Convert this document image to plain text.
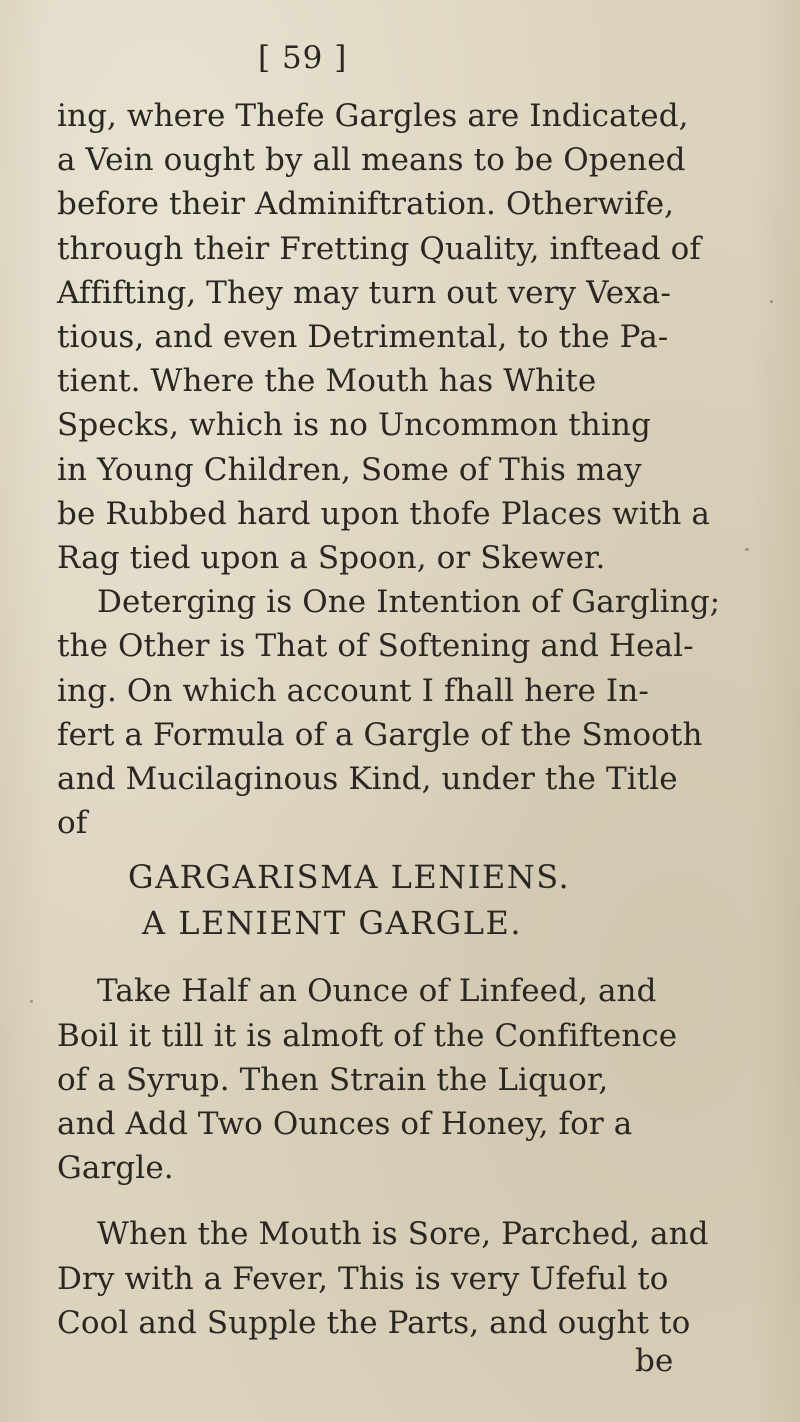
[ 59 ]
ing, where Thefe Gargles are Indicated,
a Vein ought by all means to be Opened
before their Adminiftration. Otherwife,
through their Fretting Quality, inftead of
Affifting, They may turn out very Vexa-
tious, and even Detrimental, to the Pa-
tient. Where the Mouth has White
Specks, which is no Uncommon thing
in Young Children, Some of This may
be Rubbed hard upon thofe Places with a
Rag tied upon a Spoon, or Skewer.
Deterging is One Intention of Gargling;
the Other is That of Softening and Heal-
ing. On which account I fhall here In-
fert a Formula of a Gargle of the Smooth
and Mucilaginous Kind, under the Title
of
GARGARISMA LENIENS.
A LENIENT GARGLE.
Take Half an Ounce of Linfeed, and
Boil it till it is almoft of the Confiftence
of a Syrup. Then Strain the Liquor,
and Add Two Ounces of Honey, for a
Gargle.
When the Mouth is Sore, Parched, and
Dry with a Fever, This is very Ufeful to
Cool and Supple the Parts, and ought to
be
